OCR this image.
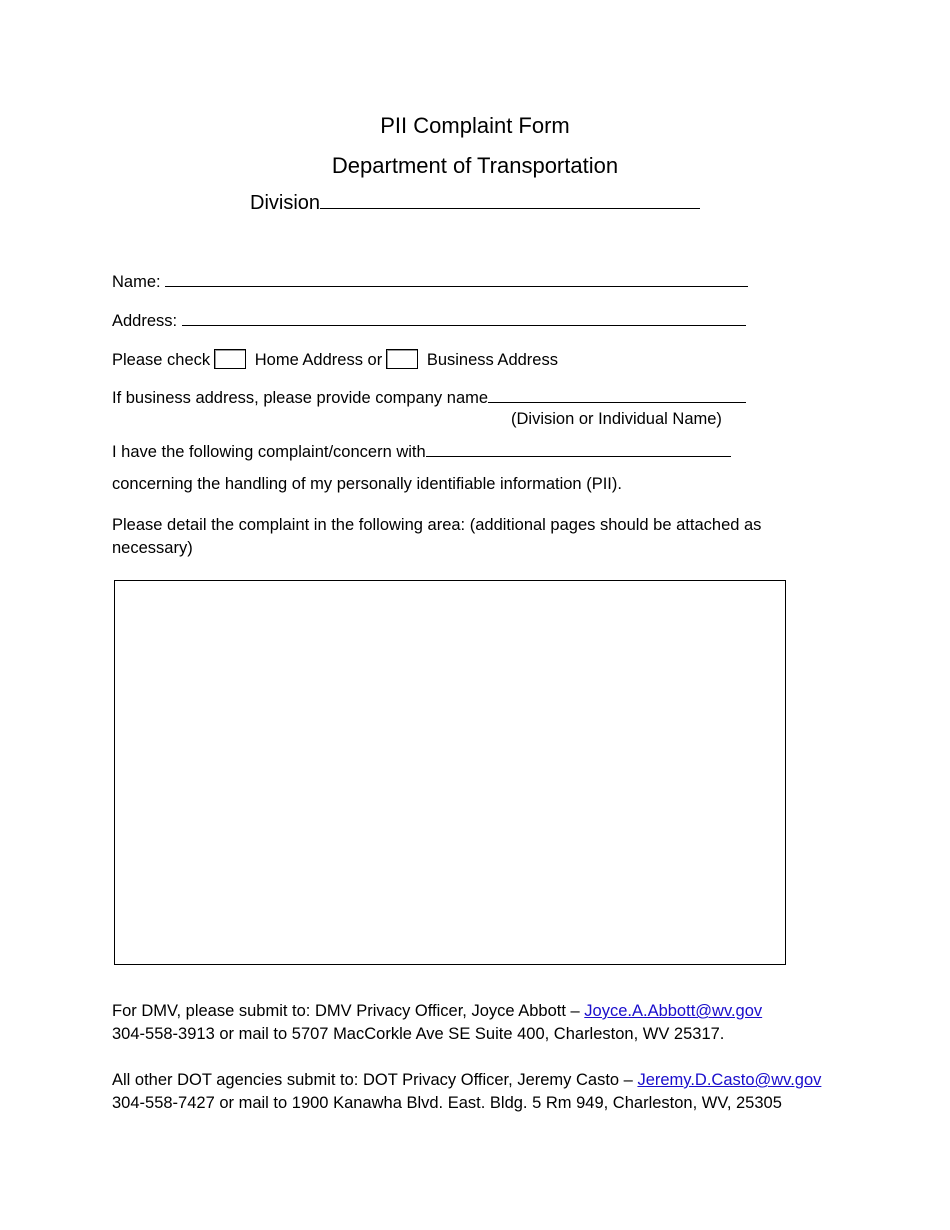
PII Complaint Form
Department of Transportation
Division
Name:
Address:
Please check	Home Address or	Business Address
If business address, please provide company name
(Division or Individual Name)
I have the following complaint/concern with
concerning the handling of my personally identifiable information (PII).
Please detail the complaint in the following area: (additional pages should be attached as
necessary)
For DMV, please submit to: DMV Privacy Officer, Joyce Abbott – Joyce.A.Abbott@wv.gov
304-558-3913 or mail to 5707 MacCorkle Ave SE Suite 400, Charleston, WV 25317.
All other DOT agencies submit to: DOT Privacy Officer, Jeremy Casto – Jeremy.D.Casto@wv.gov
304-558-7427 or mail to 1900 Kanawha Blvd. East. Bldg. 5 Rm 949, Charleston, WV, 25305
